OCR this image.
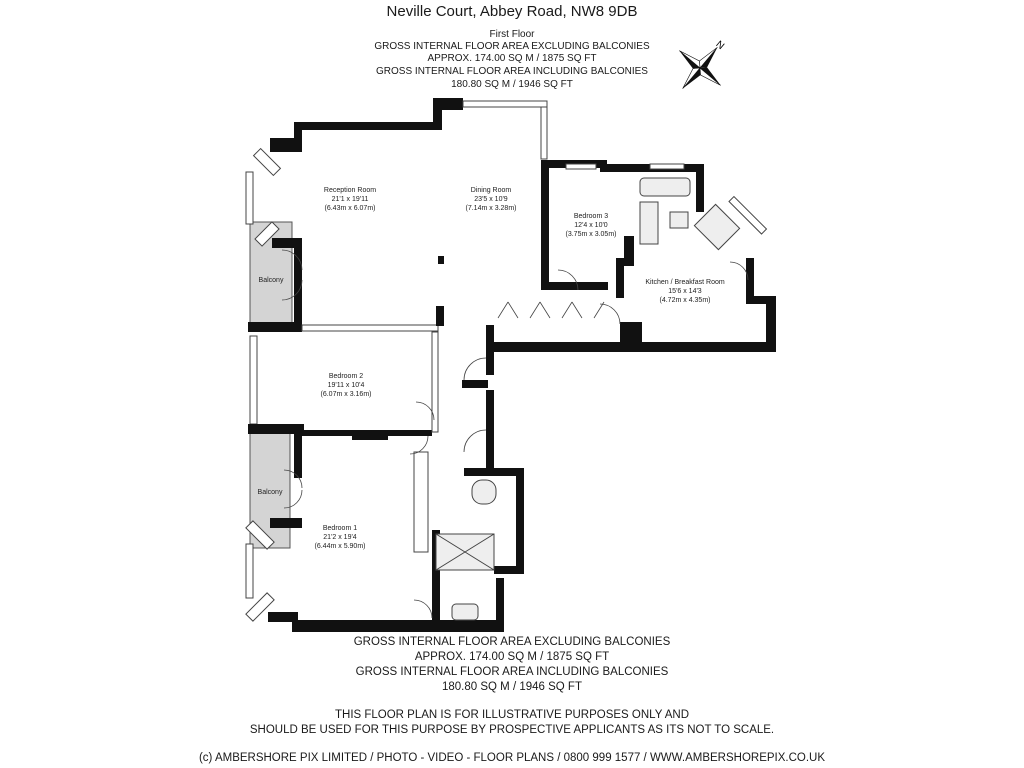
Neville Court, Abbey Road, NW8 9DB
First Floor
GROSS INTERNAL FLOOR AREA EXCLUDING BALCONIES
APPROX. 174.00 SQ M / 1875 SQ FT
GROSS INTERNAL FLOOR AREA INCLUDING BALCONIES
180.80 SQ M / 1946 SQ FT
N
Reception Room
21'1 x 19'11
(6.43m x 6.07m)
Dining Room
23'5 x 10'9
(7.14m x 3.28m)
Bedroom 3
12'4 x 10'0
(3.75m x 3.05m)
Kitchen / Breakfast Room
15'6 x 14'3
(4.72m x 4.35m)
Balcony
Bedroom 2
19'11 x 10'4
(6.07m x 3.16m)
Balcony
Bedroom 1
21'2 x 19'4
(6.44m x 5.90m)
GROSS INTERNAL FLOOR AREA EXCLUDING BALCONIES
APPROX. 174.00 SQ M / 1875 SQ FT
GROSS INTERNAL FLOOR AREA INCLUDING BALCONIES
180.80 SQ M / 1946 SQ FT
THIS FLOOR PLAN IS FOR ILLUSTRATIVE PURPOSES ONLY AND
SHOULD BE USED FOR THIS PURPOSE BY PROSPECTIVE APPLICANTS AS ITS NOT TO SCALE.
(c) AMBERSHORE PIX LIMITED / PHOTO - VIDEO - FLOOR PLANS / 0800 999 1577 / WWW.AMBERSHOREPIX.CO.UK
